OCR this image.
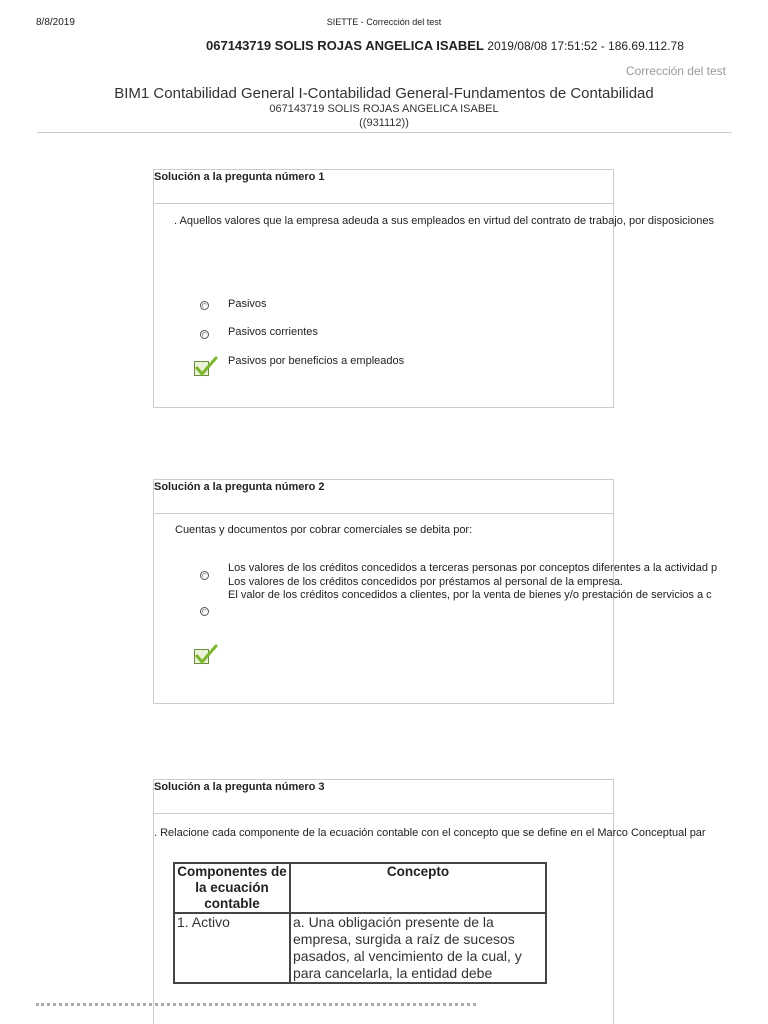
8/8/2019	SIETTE - Corrección del test
067143719 SOLIS ROJAS ANGELICA ISABEL 2019/08/08 17:51:52 - 186.69.112.78
Corrección del test
BIM1 Contabilidad General I-Contabilidad General-Fundamentos de Contabilidad
067143719 SOLIS ROJAS ANGELICA ISABEL
((931112))
Solución a la pregunta número 1
. Aquellos valores que la empresa adeuda a sus empleados en virtud del contrato de trabajo, por disposiciones
Pasivos
Pasivos corrientes
Pasivos por beneficios a empleados
Solución a la pregunta número 2
Cuentas y documentos por cobrar comerciales se debita por:
Los valores de los créditos concedidos a terceras personas por conceptos diferentes a la actividad p
Los valores de los créditos concedidos por préstamos al personal de la empresa.
El valor de los créditos concedidos a clientes, por la venta de bienes y/o prestación de servicios a c
Solución a la pregunta número 3
. Relacione cada componente de la ecuación contable con el concepto que se define en el Marco Conceptual par
Componentes de la ecuación contable	Concepto
1. Activo	a. Una obligación presente de la empresa, surgida a raíz de sucesos pasados, al vencimiento de la cual, y para cancelarla, la entidad debe
